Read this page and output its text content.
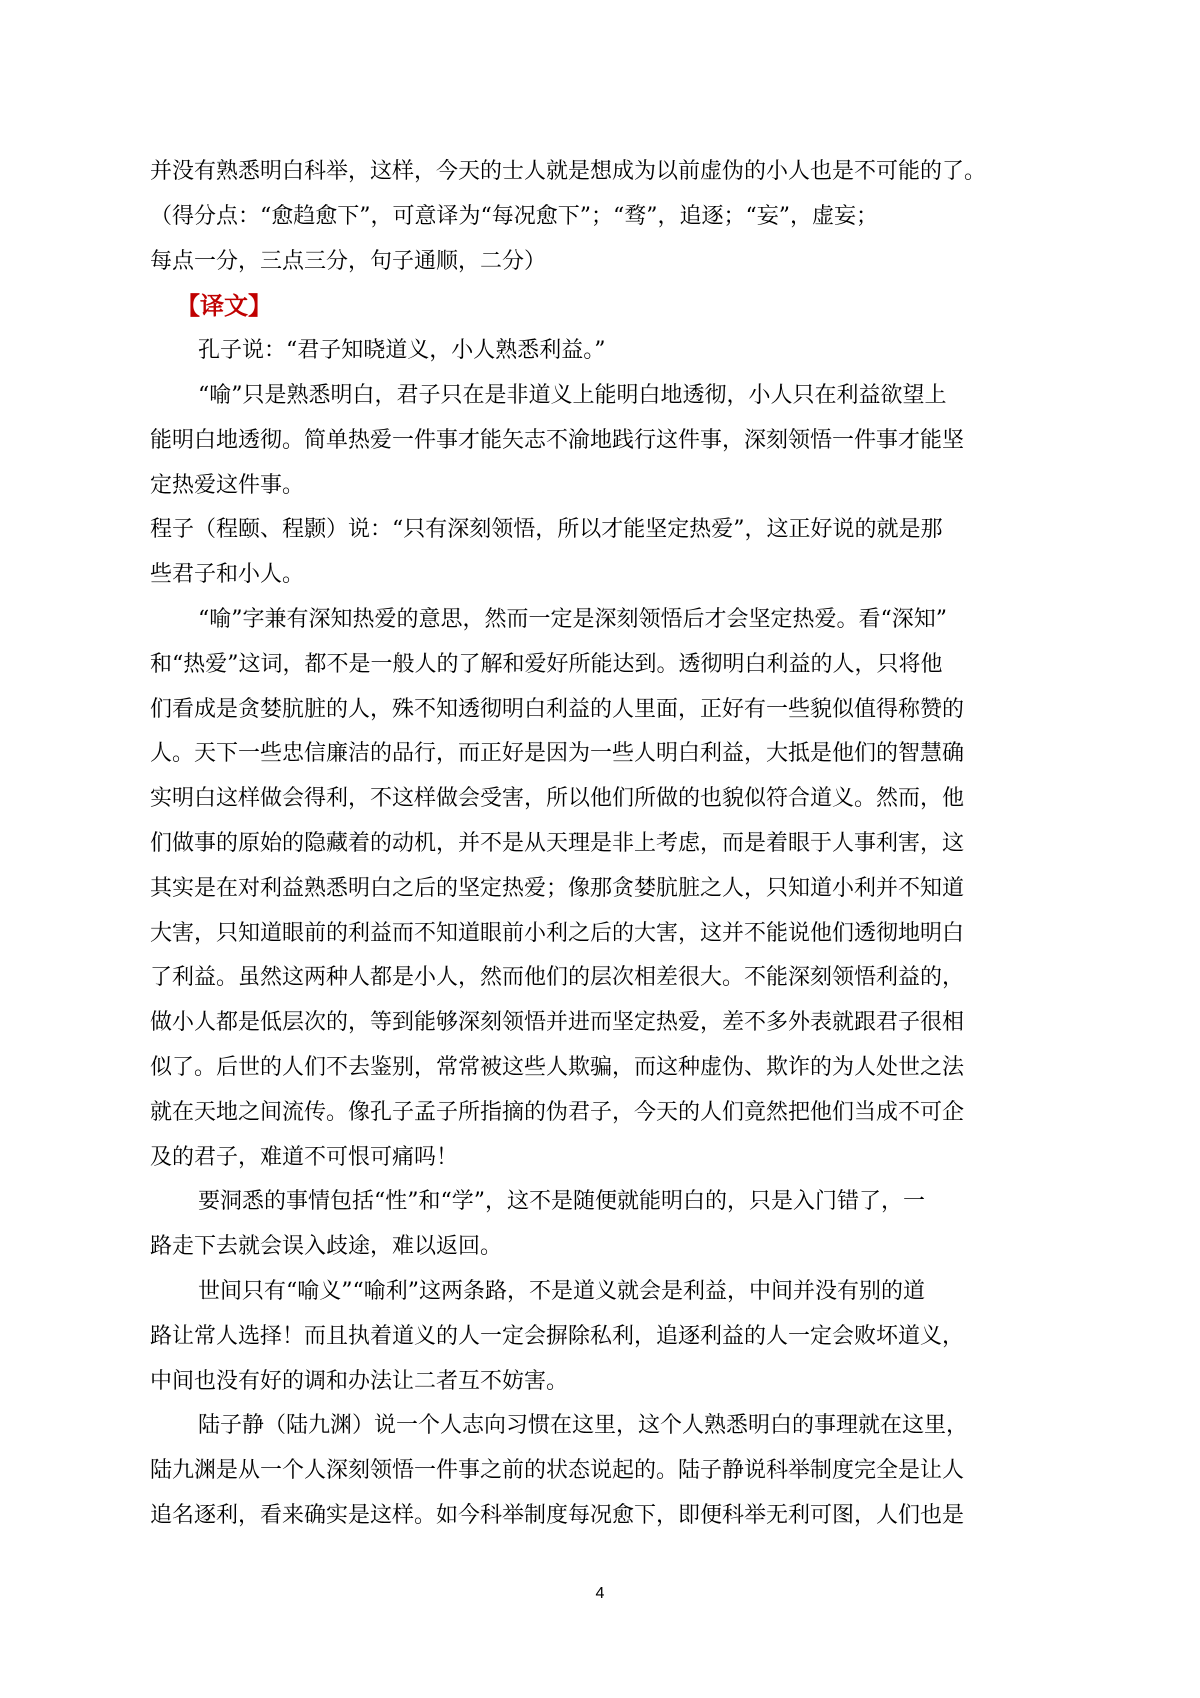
并没有熟悉明白科举，这样，今天的士人就是想成为以前虚伪的小人也是不可能的了。
（得分点：“愈趋愈下”，可意译为“每况愈下”；“骛”，追逐；“妄”，虚妄；
每点一分，三点三分，句子通顺，二分）
【译文】
孔子说：“君子知晓道义，小人熟悉利益。”
“喻”只是熟悉明白，君子只在是非道义上能明白地透彻，小人只在利益欲望上
能明白地透彻。简单热爱一件事才能矢志不渝地践行这件事，深刻领悟一件事才能坚
定热爱这件事。
程子（程颐、程颢）说：“只有深刻领悟，所以才能坚定热爱”，这正好说的就是那
些君子和小人。
“喻”字兼有深知热爱的意思，然而一定是深刻领悟后才会坚定热爱。看“深知”
和“热爱”这词，都不是一般人的了解和爱好所能达到。透彻明白利益的人，只将他
们看成是贪婪肮脏的人，殊不知透彻明白利益的人里面，正好有一些貌似值得称赞的
人。天下一些忠信廉洁的品行，而正好是因为一些人明白利益，大抵是他们的智慧确
实明白这样做会得利，不这样做会受害，所以他们所做的也貌似符合道义。然而，他
们做事的原始的隐藏着的动机，并不是从天理是非上考虑，而是着眼于人事利害，这
其实是在对利益熟悉明白之后的坚定热爱；像那贪婪肮脏之人，只知道小利并不知道
大害，只知道眼前的利益而不知道眼前小利之后的大害，这并不能说他们透彻地明白
了利益。虽然这两种人都是小人，然而他们的层次相差很大。不能深刻领悟利益的，
做小人都是低层次的，等到能够深刻领悟并进而坚定热爱，差不多外表就跟君子很相
似了。后世的人们不去鉴别，常常被这些人欺骗，而这种虚伪、欺诈的为人处世之法
就在天地之间流传。像孔子孟子所指摘的伪君子，今天的人们竟然把他们当成不可企
及的君子，难道不可恨可痛吗！
要洞悉的事情包括“性”和“学”，这不是随便就能明白的，只是入门错了，一
路走下去就会误入歧途，难以返回。
世间只有“喻义”“喻利”这两条路，不是道义就会是利益，中间并没有别的道
路让常人选择！而且执着道义的人一定会摒除私利，追逐利益的人一定会败坏道义，
中间也没有好的调和办法让二者互不妨害。
陆子静（陆九渊）说一个人志向习惯在这里，这个人熟悉明白的事理就在这里，
陆九渊是从一个人深刻领悟一件事之前的状态说起的。陆子静说科举制度完全是让人
追名逐利，看来确实是这样。如今科举制度每况愈下，即便科举无利可图，人们也是
4
